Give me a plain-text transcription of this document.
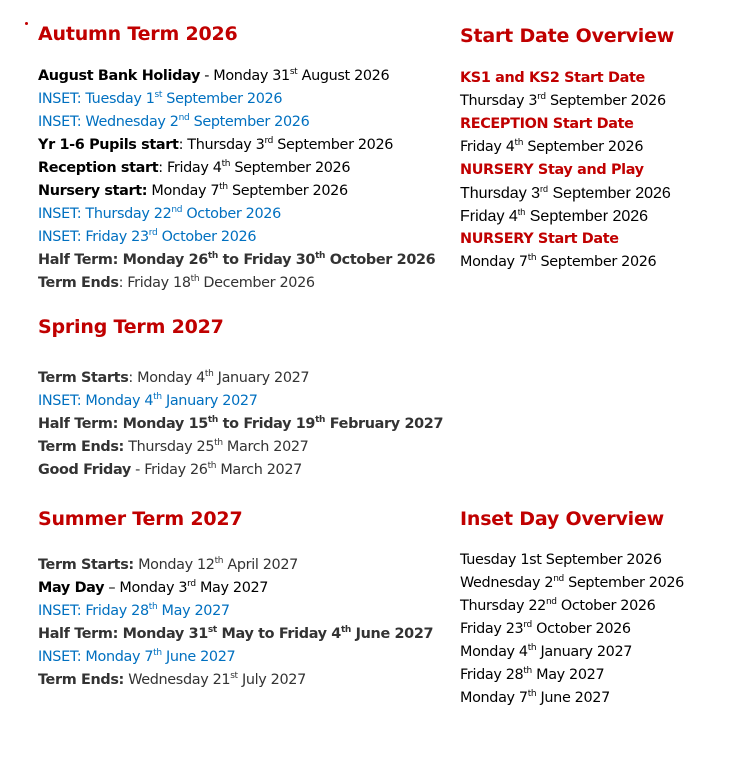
Autumn Term 2026
August Bank Holiday - Monday 31st August 2026
INSET: Tuesday 1st September 2026
INSET: Wednesday 2nd September 2026
Yr 1-6 Pupils start: Thursday 3rd September 2026
Reception start: Friday 4th September 2026
Nursery start: Monday 7th September 2026
INSET: Thursday 22nd October 2026
INSET: Friday 23rd October 2026
Half Term: Monday 26th to Friday 30th October 2026
Term Ends: Friday 18th December 2026
Spring Term 2027
Term Starts: Monday 4th January 2027
INSET: Monday 4th January 2027
Half Term: Monday 15th to Friday 19th February 2027
Term Ends: Thursday 25th March 2027
Good Friday - Friday 26th March 2027
Summer Term 2027
Term Starts: Monday 12th April 2027
May Day – Monday 3rd May 2027
INSET: Friday 28th May 2027
Half Term: Monday 31st May to Friday 4th June 2027
INSET: Monday 7th June 2027
Term Ends: Wednesday 21st July 2027
Start Date Overview
KS1 and KS2 Start Date
Thursday 3rd September 2026
RECEPTION Start Date
Friday 4th September 2026
NURSERY Stay and Play
Thursday 3rd September 2026
Friday 4th September 2026
NURSERY Start Date
Monday 7th September 2026
Inset Day Overview
Tuesday 1st September 2026
Wednesday 2nd September 2026
Thursday 22nd October 2026
Friday 23rd October 2026
Monday 4th January 2027
Friday 28th May 2027
Monday 7th June 2027
